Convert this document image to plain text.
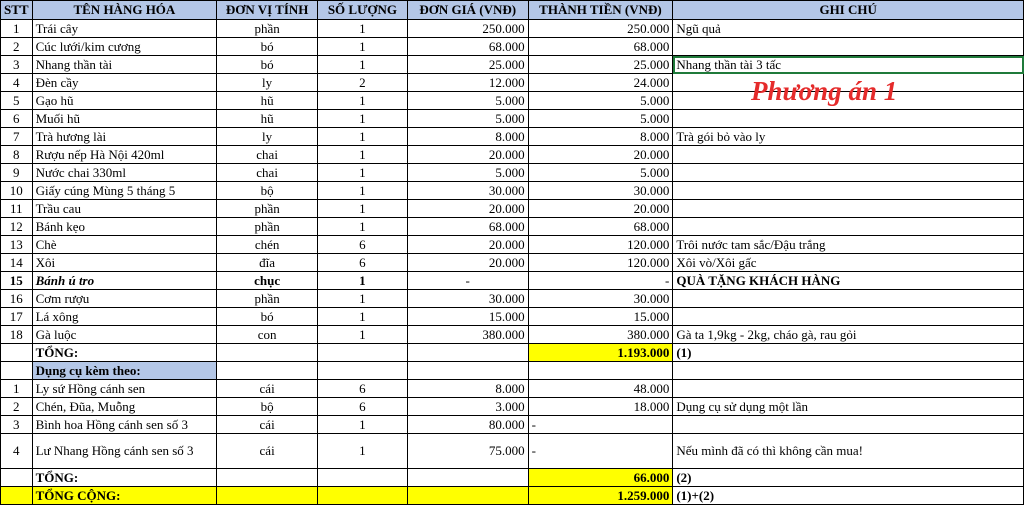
STT	TÊN HÀNG HÓA	ĐƠN VỊ TÍNH	SỐ LƯỢNG	ĐƠN GIÁ (VNĐ)	THÀNH TIỀN (VNĐ)	GHI CHÚ
1	Trái cây	phần	1	250.000	250.000	Ngũ quả
2	Cúc lưới/kim cương	bó	1	68.000	68.000	
3	Nhang thần tài	bó	1	25.000	25.000	Nhang thần tài 3 tấc
4	Đèn cầy	ly	2	12.000	24.000	
5	Gạo hũ	hũ	1	5.000	5.000	
6	Muối hũ	hũ	1	5.000	5.000	
7	Trà hương lài	ly	1	8.000	8.000	Trà gói bỏ vào ly
8	Rượu nếp Hà Nội 420ml	chai	1	20.000	20.000	
9	Nước chai 330ml	chai	1	5.000	5.000	
10	Giấy cúng Mùng 5 tháng 5	bộ	1	30.000	30.000	
11	Trầu cau	phần	1	20.000	20.000	
12	Bánh kẹo	phần	1	68.000	68.000	
13	Chè	chén	6	20.000	120.000	Trôi nước tam sắc/Đậu trắng
14	Xôi	đĩa	6	20.000	120.000	Xôi vò/Xôi gấc
15	Bánh ú tro	chục	1	-	-	QUÀ TẶNG KHÁCH HÀNG
16	Cơm rượu	phần	1	30.000	30.000	
17	Lá xông	bó	1	15.000	15.000	
18	Gà luộc	con	1	380.000	380.000	Gà ta 1,9kg - 2kg, cháo gà, rau gỏi
	TỔNG:				1.193.000	(1)
	Dụng cụ kèm theo:					
1	Ly sứ Hồng cánh sen	cái	6	8.000	48.000	
2	Chén, Đũa, Muỗng	bộ	6	3.000	18.000	Dụng cụ sử dụng một lần
3	Bình hoa Hồng cánh sen số 3	cái	1	80.000	-	
4	Lư Nhang Hồng cánh sen số 3	cái	1	75.000	-	Nếu mình đã có thì không cần mua!
	TỔNG:				66.000	(2)
	TỔNG CỘNG:				1.259.000	(1)+(2)
Phương án 1
